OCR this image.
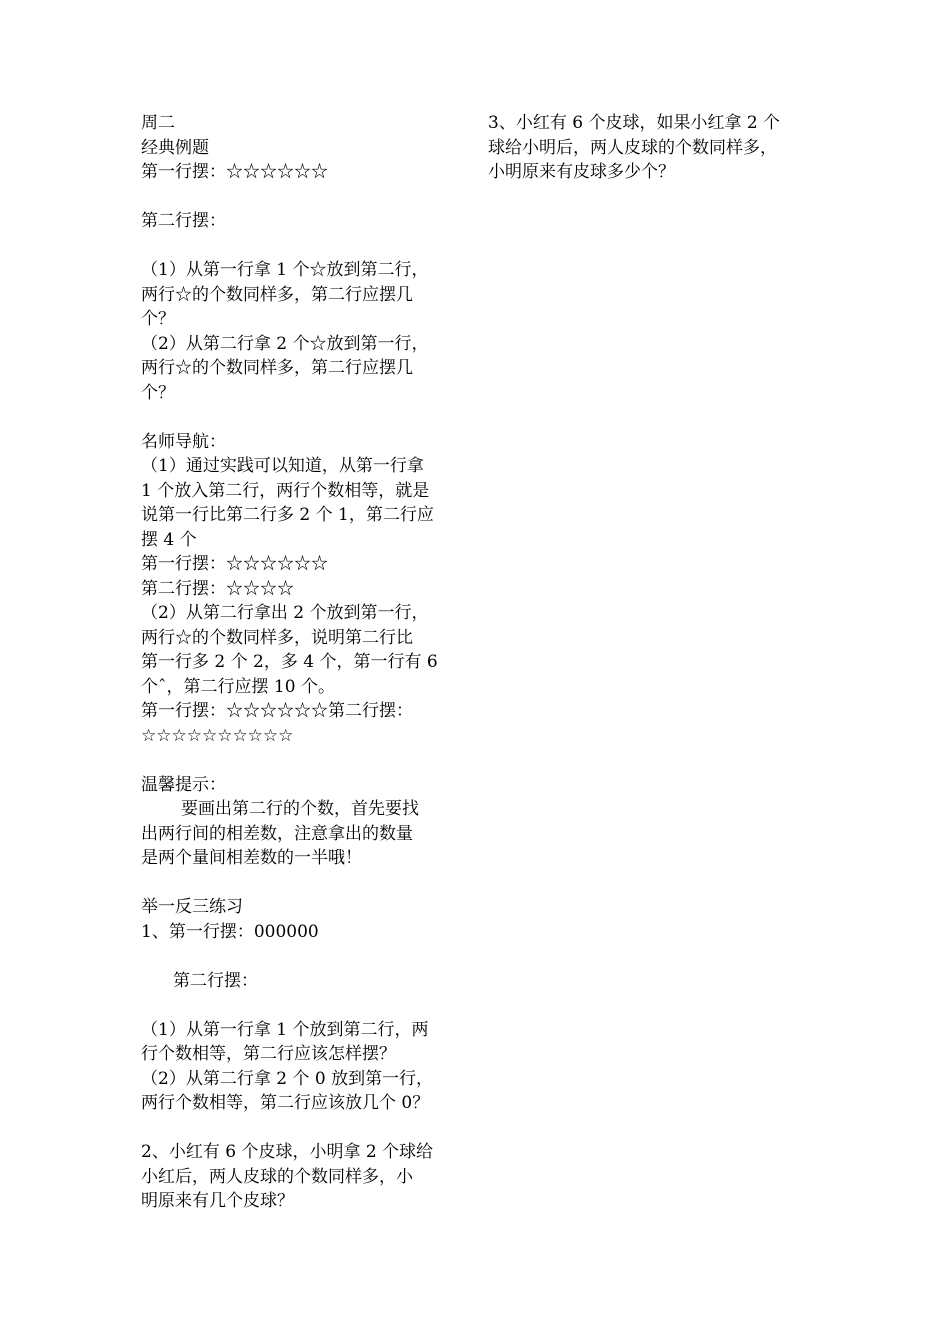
周二
经典例题
第一行摆：☆☆☆☆☆☆
第二行摆：
（1）从第一行拿 1 个☆放到第二行，
两行☆的个数同样多，第二行应摆几
个？
（2）从第二行拿 2 个☆放到第一行，
两行☆的个数同样多，第二行应摆几
个？
名师导航：
（1）通过实践可以知道，从第一行拿
1 个放入第二行，两行个数相等，就是
说第一行比第二行多 2 个 1，第二行应
摆 4 个
第一行摆：☆☆☆☆☆☆
第二行摆：☆☆☆☆
（2）从第二行拿出 2 个放到第一行，
两行☆的个数同样多，说明第二行比
第一行多 2 个 2，多 4 个，第一行有 6
个ˆ，第二行应摆 10 个。
第一行摆：☆☆☆☆☆☆第二行摆：
☆☆☆☆☆☆☆☆☆☆
温馨提示：
要画出第二行的个数，首先要找
出两行间的相差数，注意拿出的数量
是两个量间相差数的一半哦！
举一反三练习
1、第一行摆：000000
第二行摆：
（1）从第一行拿 1 个放到第二行，两
行个数相等，第二行应该怎样摆？
（2）从第二行拿 2 个 0 放到第一行，
两行个数相等，第二行应该放几个 0？
2、小红有 6 个皮球，小明拿 2 个球给
小红后，两人皮球的个数同样多，小
明原来有几个皮球？
3、小红有 6 个皮球，如果小红拿 2 个
球给小明后，两人皮球的个数同样多，
小明原来有皮球多少个？
